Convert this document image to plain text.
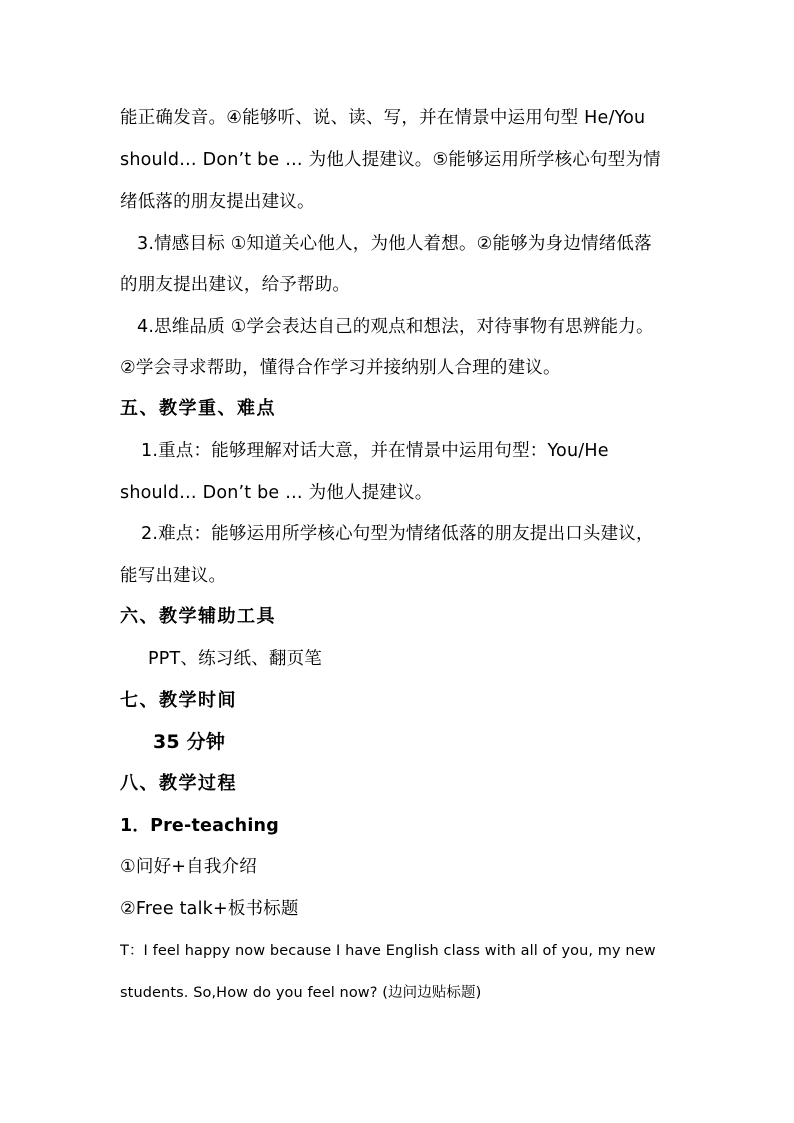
能正确发音。④能够听、说、读、写，并在情景中运用句型 He/You
should… Don’t be … 为他人提建议。⑤能够运用所学核心句型为情
绪低落的朋友提出建议。
3.情感目标 ①知道关心他人，为他人着想。②能够为身边情绪低落
的朋友提出建议，给予帮助。
4.思维品质 ①学会表达自己的观点和想法，对待事物有思辨能力。
②学会寻求帮助，懂得合作学习并接纳别人合理的建议。
五、教学重、难点
1.重点：能够理解对话大意，并在情景中运用句型：You/He
should… Don’t be … 为他人提建议。
2.难点：能够运用所学核心句型为情绪低落的朋友提出口头建议，
能写出建议。
六、教学辅助工具
PPT、练习纸、翻页笔
七、教学时间
35 分钟
八、教学过程
1．Pre-teaching
①问好+自我介绍
②Free talk+板书标题
T：I feel happy now because I have English class with all of you, my new
students. So,How do you feel now? (边问边贴标题)
